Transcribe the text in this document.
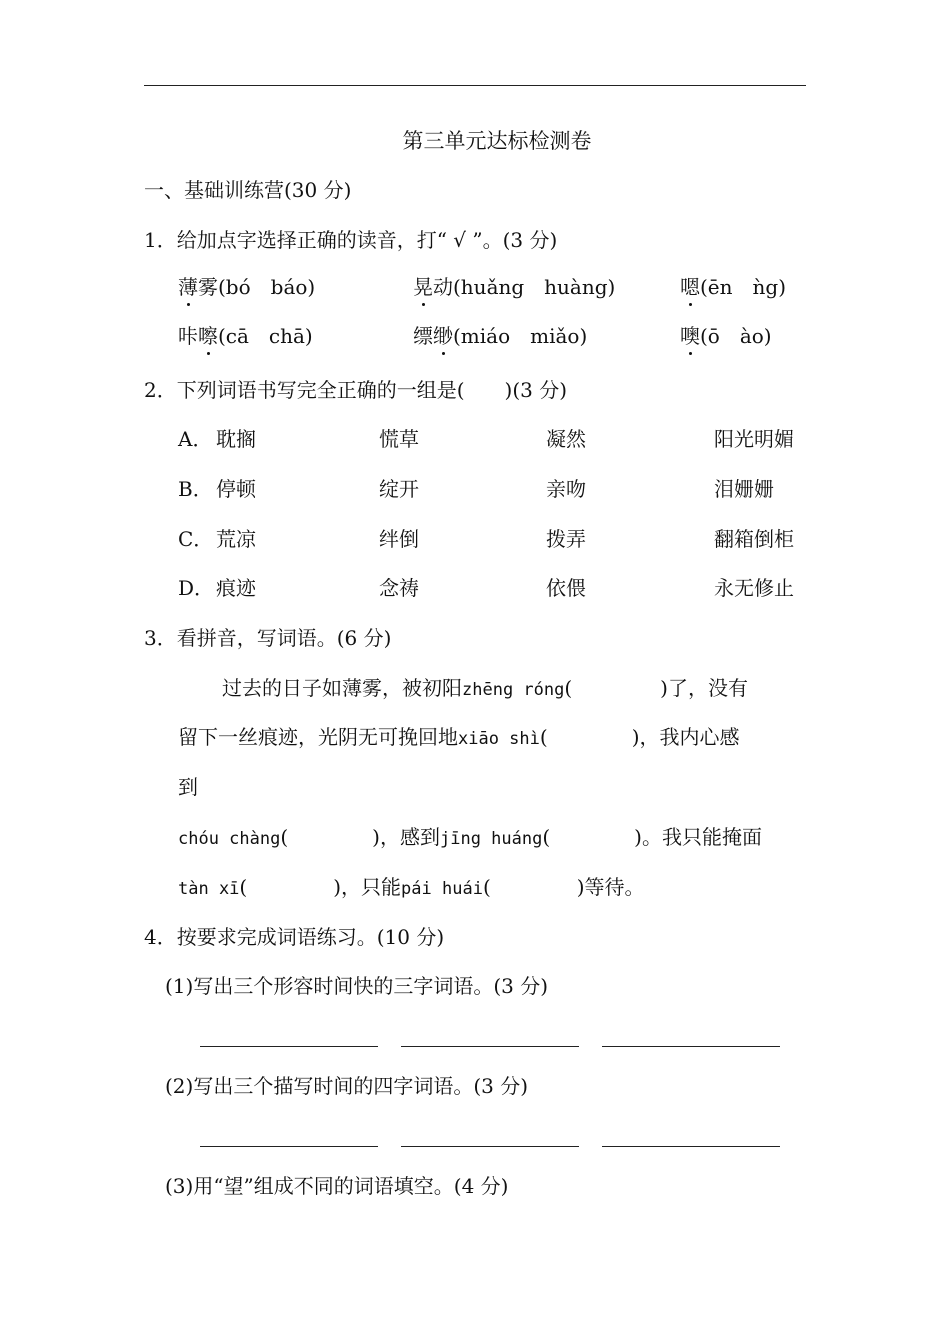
第三单元达标检测卷
一、基础训练营(30 分)
1．给加点字选择正确的读音，打“ √ ”。(3 分)
薄雾(bó　báo)	晃动(huǎng　huàng)	嗯(ēn　ǹg)
咔嚓(cā　chā)	缥缈(miáo　miǎo)	噢(ō　ào)
2．下列词语书写完全正确的一组是(　　)(3 分)
A． 耽搁	慌草	凝然	阳光明媚
B． 停顿	绽开	亲吻	泪姗姗
C． 荒凉	绊倒	拨弄	翻箱倒柜
D． 痕迹	念祷	依偎	永无修止
3．看拼音，写词语。(6 分)
过去的日子如薄雾，被初阳zhēng róng(	)了，没有
留下一丝痕迹，光阴无可挽回地xiāo shì(	)，我内心感
到
chóu chàng(	)，感到jīng huáng(	)。我只能掩面
tàn xī(	)，只能pái huái(	)等待。
4．按要求完成词语练习。(10 分)
(1)写出三个形容时间快的三字词语。(3 分)
(2)写出三个描写时间的四字词语。(3 分)
(3)用“望”组成不同的词语填空。(4 分)
